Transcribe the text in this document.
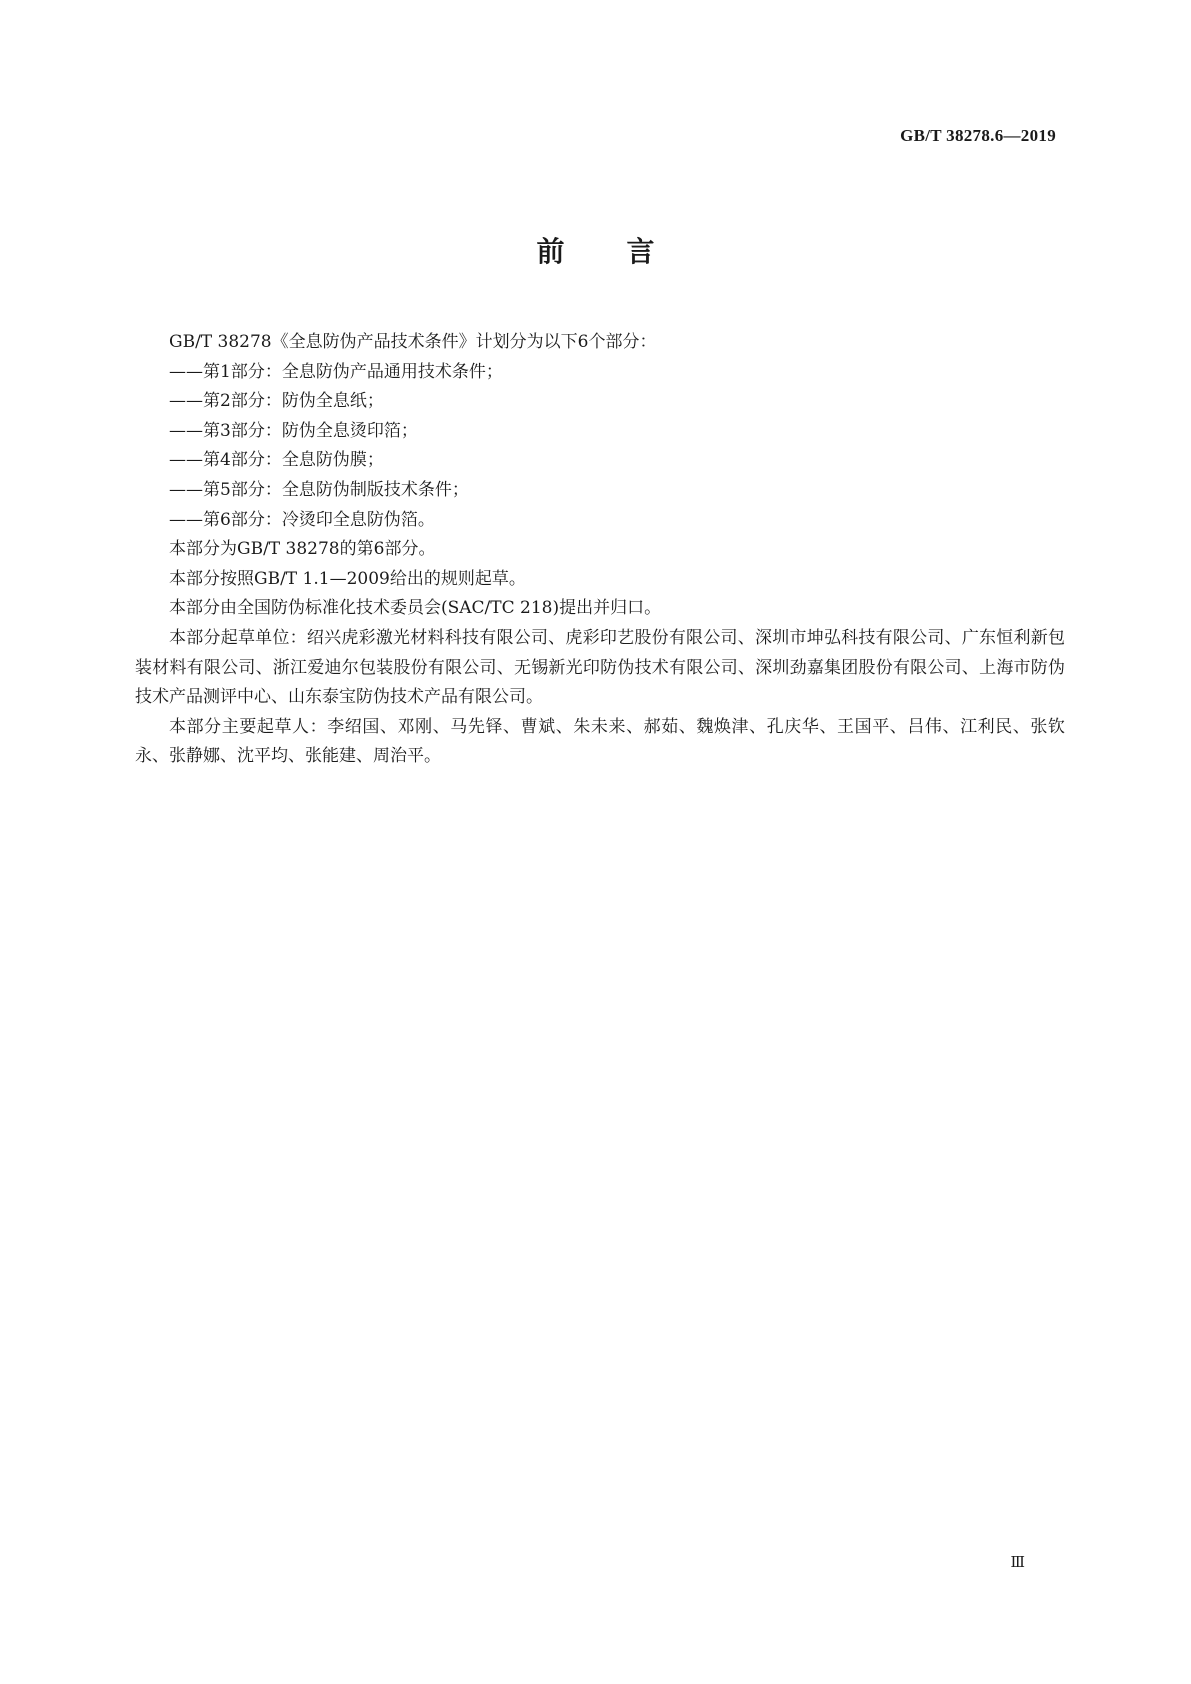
GB/T 38278.6—2019
前 言

GB/T 38278《全息防伪产品技术条件》计划分为以下6个部分：

——第1部分：全息防伪产品通用技术条件；

——第2部分：防伪全息纸；

——第3部分：防伪全息烫印箔；

——第4部分：全息防伪膜；

——第5部分：全息防伪制版技术条件；

——第6部分：冷烫印全息防伪箔。

本部分为GB/T 38278的第6部分。

本部分按照GB/T 1.1—2009给出的规则起草。

本部分由全国防伪标准化技术委员会(SAC/TC 218)提出并归口。

本部分起草单位：绍兴虎彩激光材料科技有限公司、虎彩印艺股份有限公司、深圳市坤弘科技有限公司、广东恒利新包装材料有限公司、浙江爱迪尔包装股份有限公司、无锡新光印防伪技术有限公司、深圳劲嘉集团股份有限公司、上海市防伪技术产品测评中心、山东泰宝防伪技术产品有限公司。

本部分主要起草人：李绍国、邓刚、马先铎、曹斌、朱未来、郝茹、魏焕津、孔庆华、王国平、吕伟、江利民、张钦永、张静娜、沈平均、张能建、周治平。

Ⅲ
